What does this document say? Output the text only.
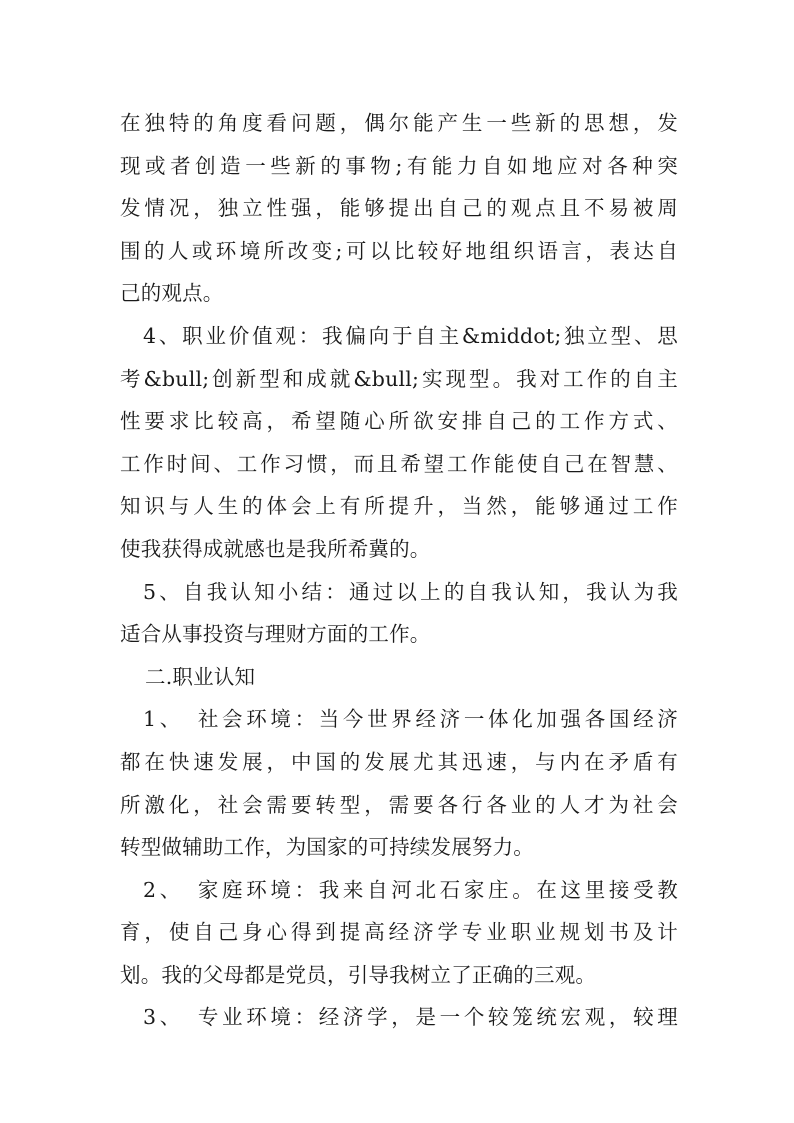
在独特的角度看问题，偶尔能产生一些新的思想，发
现或者创造一些新的事物;有能力自如地应对各种突
发情况，独立性强，能够提出自己的观点且不易被周
围的人或环境所改变;可以比较好地组织语言，表达自
己的观点。
4、职业价值观：我偏向于自主&middot;独立型、思
考&bull;创新型和成就&bull;实现型。我对工作的自主
性要求比较高，希望随心所欲安排自己的工作方式、
工作时间、工作习惯，而且希望工作能使自己在智慧、
知识与人生的体会上有所提升，当然，能够通过工作
使我获得成就感也是我所希冀的。
5、自我认知小结：通过以上的自我认知，我认为我
适合从事投资与理财方面的工作。
二.职业认知
1、　社会环境：当今世界经济一体化加强各国经济
都在快速发展，中国的发展尤其迅速，与内在矛盾有
所激化，社会需要转型，需要各行各业的人才为社会
转型做辅助工作，为国家的可持续发展努力。
2、　家庭环境：我来自河北石家庄。在这里接受教
育，使自己身心得到提高经济学专业职业规划书及计
划。我的父母都是党员，引导我树立了正确的三观。
3、　专业环境：经济学，是一个较笼统宏观，较理
